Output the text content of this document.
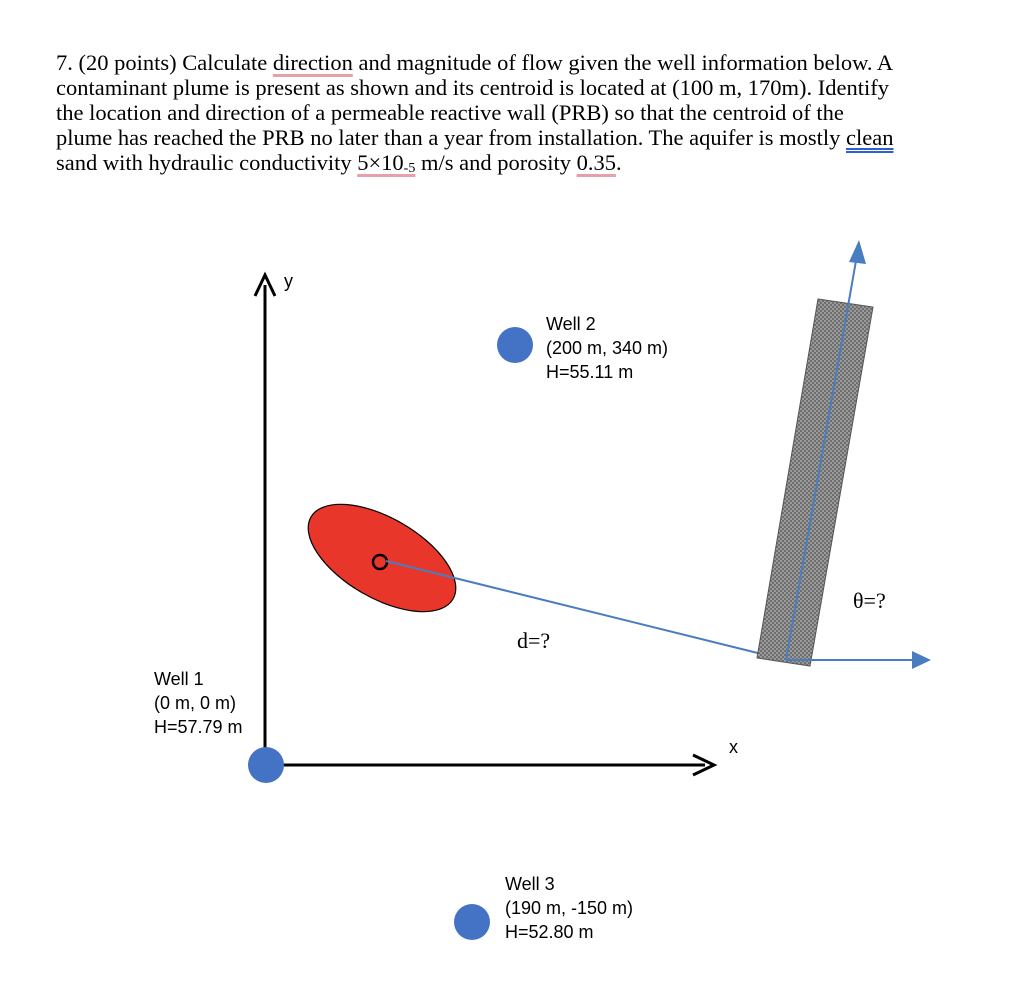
7. (20 points) Calculate direction and magnitude of flow given the well information below. A

contaminant plume is present as shown and its centroid is located at (100 m, 170m). Identify

the location and direction of a permeable reactive wall (PRB) so that the centroid of the

plume has reached the PRB no later than a year from installation. The aquifer is mostly clean

sand with hydraulic conductivity $5\times 10_{-5}$ m/s and porosity 0.35.

y
x
Well 1
(0 m, 0 m)
H=57.79 m
Well 2
(200 m, 340 m)
H=55.11 m
Well 3
(190 m, -150 m)
H=52.80 m
d=?
θ=?
